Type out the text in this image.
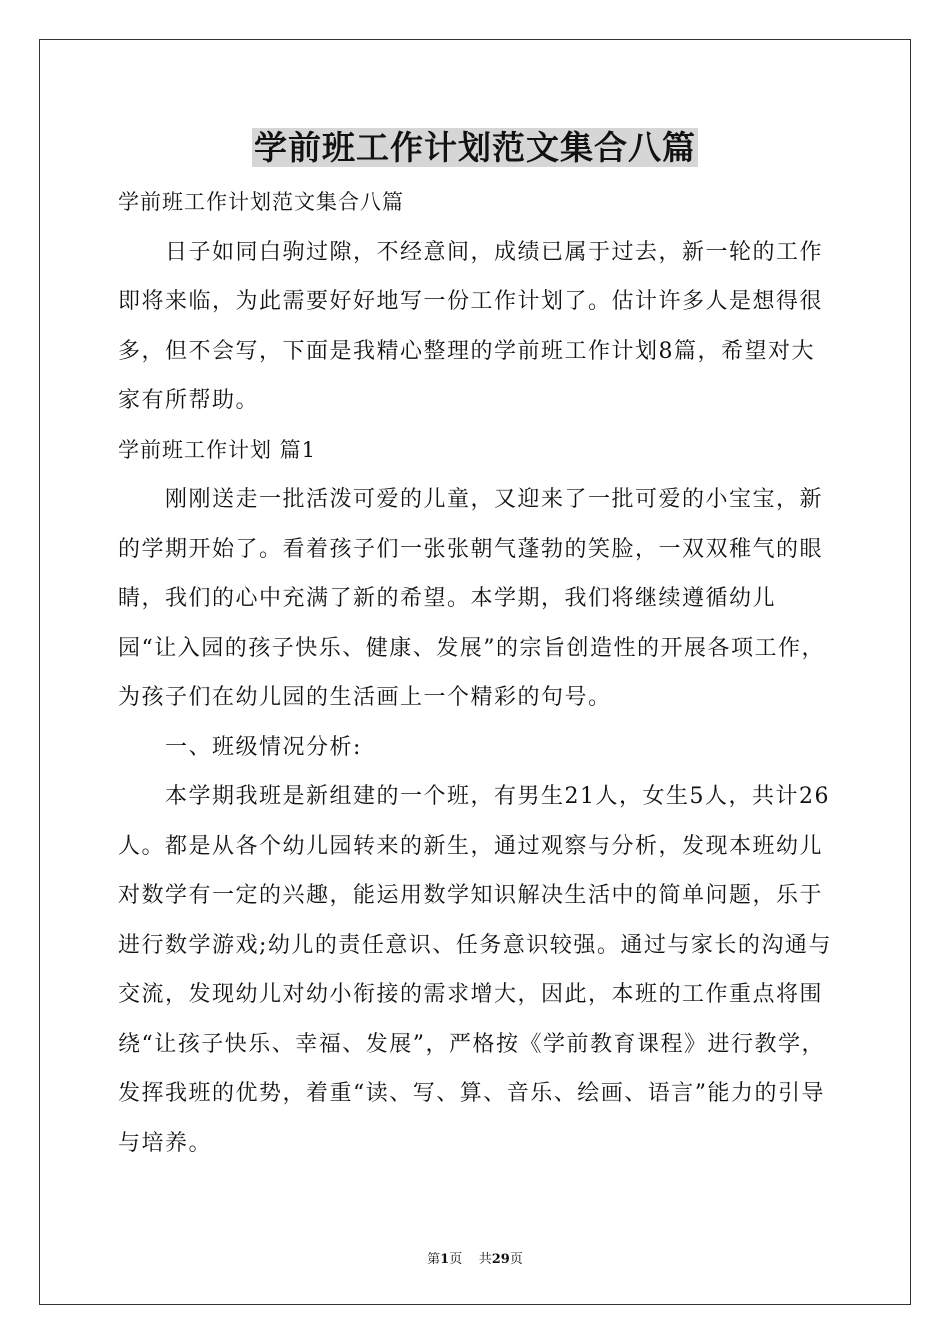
学前班工作计划范文集合八篇

学前班工作计划范文集合八篇

日子如同白驹过隙，不经意间，成绩已属于过去，新一轮的工作即将来临，为此需要好好地写一份工作计划了。估计许多人是想得很多，但不会写，下面是我精心整理的学前班工作计划8篇，希望对大家有所帮助。

学前班工作计划 篇1

刚刚送走一批活泼可爱的儿童，又迎来了一批可爱的小宝宝，新的学期开始了。看着孩子们一张张朝气蓬勃的笑脸，一双双稚气的眼睛，我们的心中充满了新的希望。本学期，我们将继续遵循幼儿园“让入园的孩子快乐、健康、发展”的宗旨创造性的开展各项工作，为孩子们在幼儿园的生活画上一个精彩的句号。

一、班级情况分析:

本学期我班是新组建的一个班，有男生21人，女生5人，共计26人。都是从各个幼儿园转来的新生，通过观察与分析，发现本班幼儿对数学有一定的兴趣，能运用数学知识解决生活中的简单问题，乐于进行数学游戏;幼儿的责任意识、任务意识较强。通过与家长的沟通与交流，发现幼儿对幼小衔接的需求增大，因此，本班的工作重点将围绕“让孩子快乐、幸福、发展”，严格按《学前教育课程》进行教学，发挥我班的优势，着重“读、写、算、音乐、绘画、语言”能力的引导与培养。

第1页 共29页
